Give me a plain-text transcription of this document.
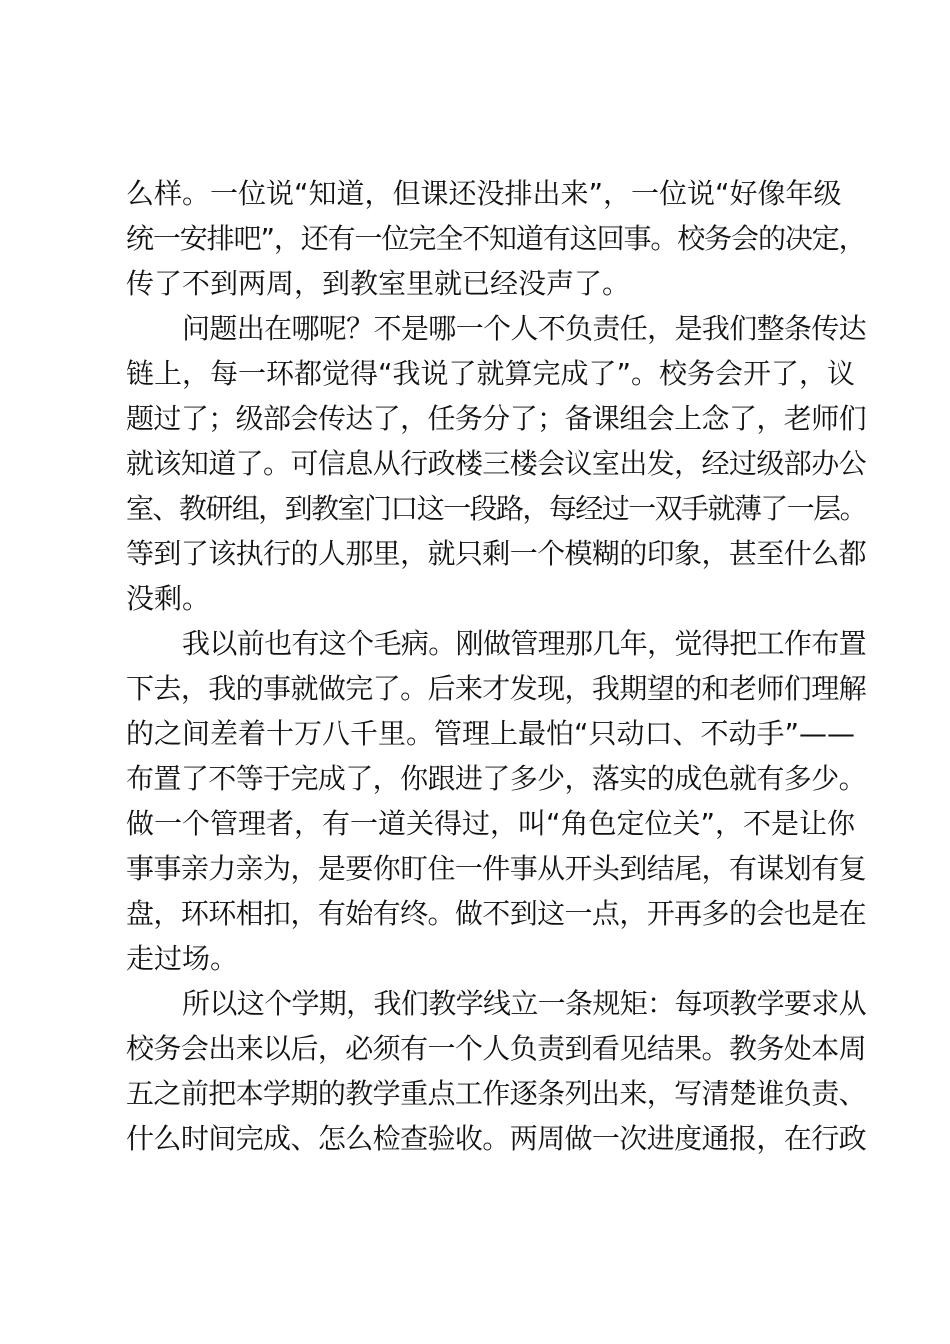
么样。一位说“知道，但课还没排出来”，一位说“好像年级
统一安排吧”，还有一位完全不知道有这回事。校务会的决定，
传了不到两周，到教室里就已经没声了。
问题出在哪呢？不是哪一个人不负责任，是我们整条传达
链上，每一环都觉得“我说了就算完成了”。校务会开了，议
题过了；级部会传达了，任务分了；备课组会上念了，老师们
就该知道了。可信息从行政楼三楼会议室出发，经过级部办公
室、教研组，到教室门口这一段路，每经过一双手就薄了一层。
等到了该执行的人那里，就只剩一个模糊的印象，甚至什么都
没剩。
我以前也有这个毛病。刚做管理那几年，觉得把工作布置
下去，我的事就做完了。后来才发现，我期望的和老师们理解
的之间差着十万八千里。管理上最怕“只动口、不动手”——
布置了不等于完成了，你跟进了多少，落实的成色就有多少。
做一个管理者，有一道关得过，叫“角色定位关”，不是让你
事事亲力亲为，是要你盯住一件事从开头到结尾，有谋划有复
盘，环环相扣，有始有终。做不到这一点，开再多的会也是在
走过场。
所以这个学期，我们教学线立一条规矩：每项教学要求从
校务会出来以后，必须有一个人负责到看见结果。教务处本周
五之前把本学期的教学重点工作逐条列出来，写清楚谁负责、
什么时间完成、怎么检查验收。两周做一次进度通报，在行政
